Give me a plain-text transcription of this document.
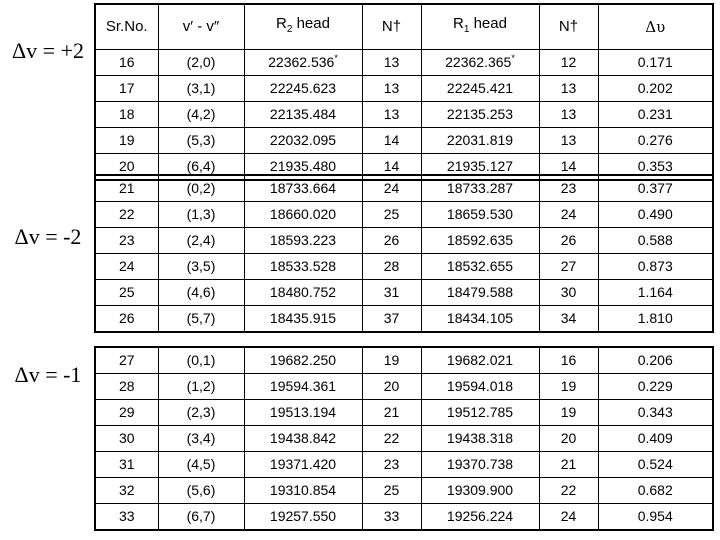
Δv = +2
Δv = -2
Δv = -1
Sr.No.	v′ - v″	$R_2$ head	N†	$R_1$ head	N†	Δυ
16	(2,0)	22362.536*	13	22362.365*	12	0.171
17	(3,1)	22245.623	13	22245.421	13	0.202
18	(4,2)	22135.484	13	22135.253	13	0.231
19	(5,3)	22032.095	14	22031.819	13	0.276
20	(6,4)	21935.480	14	21935.127	14	0.353
21	(0,2)	18733.664	24	18733.287	23	0.377
22	(1,3)	18660.020	25	18659.530	24	0.490
23	(2,4)	18593.223	26	18592.635	26	0.588
24	(3,5)	18533.528	28	18532.655	27	0.873
25	(4,6)	18480.752	31	18479.588	30	1.164
26	(5,7)	18435.915	37	18434.105	34	1.810
27	(0,1)	19682.250	19	19682.021	16	0.206
28	(1,2)	19594.361	20	19594.018	19	0.229
29	(2,3)	19513.194	21	19512.785	19	0.343
30	(3,4)	19438.842	22	19438.318	20	0.409
31	(4,5)	19371.420	23	19370.738	21	0.524
32	(5,6)	19310.854	25	19309.900	22	0.682
33	(6,7)	19257.550	33	19256.224	24	0.954
